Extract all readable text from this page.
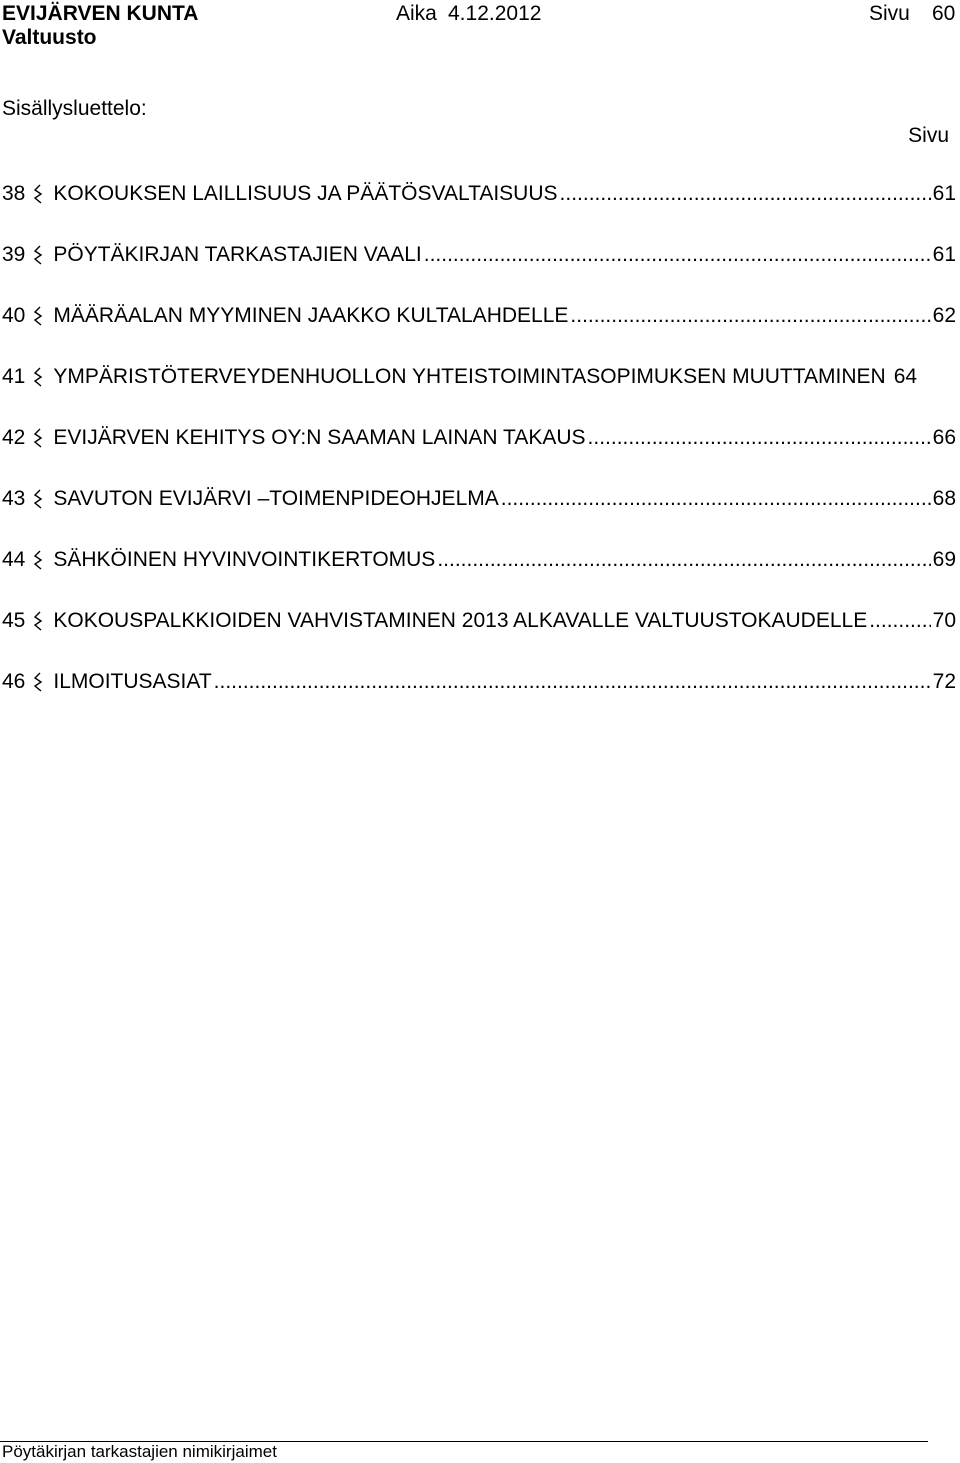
EVIJÄRVEN KUNTA	Aika 4.12.2012	Sivu 60
Valtuusto
Sisällysluettelo:
Sivu
38 KOKOUKSEN LAILLISUUS JA PÄÄTÖSVALTAISUUS .....	61
39 PÖYTÄKIRJAN TARKASTAJIEN VAALI .....	61
40 MÄÄRÄALAN MYYMINEN JAAKKO KULTALAHDELLE .....	62
41 YMPÄRISTÖTERVEYDENHUOLLON YHTEISTOIMINTASOPIMUKSEN MUUTTAMINEN 64
42 EVIJÄRVEN KEHITYS OY:N SAAMAN LAINAN TAKAUS .....	66
43 SAVUTON EVIJÄRVI –TOIMENPIDEOHJELMA .....	68
44 SÄHKÖINEN HYVINVOINTIKERTOMUS .....	69
45 KOKOUSPALKKIOIDEN VAHVISTAMINEN 2013 ALKAVALLE VALTUUSTOKAUDELLE .....	70
46 ILMOITUSASIAT .....	72
Pöytäkirjan tarkastajien nimikirjaimet
